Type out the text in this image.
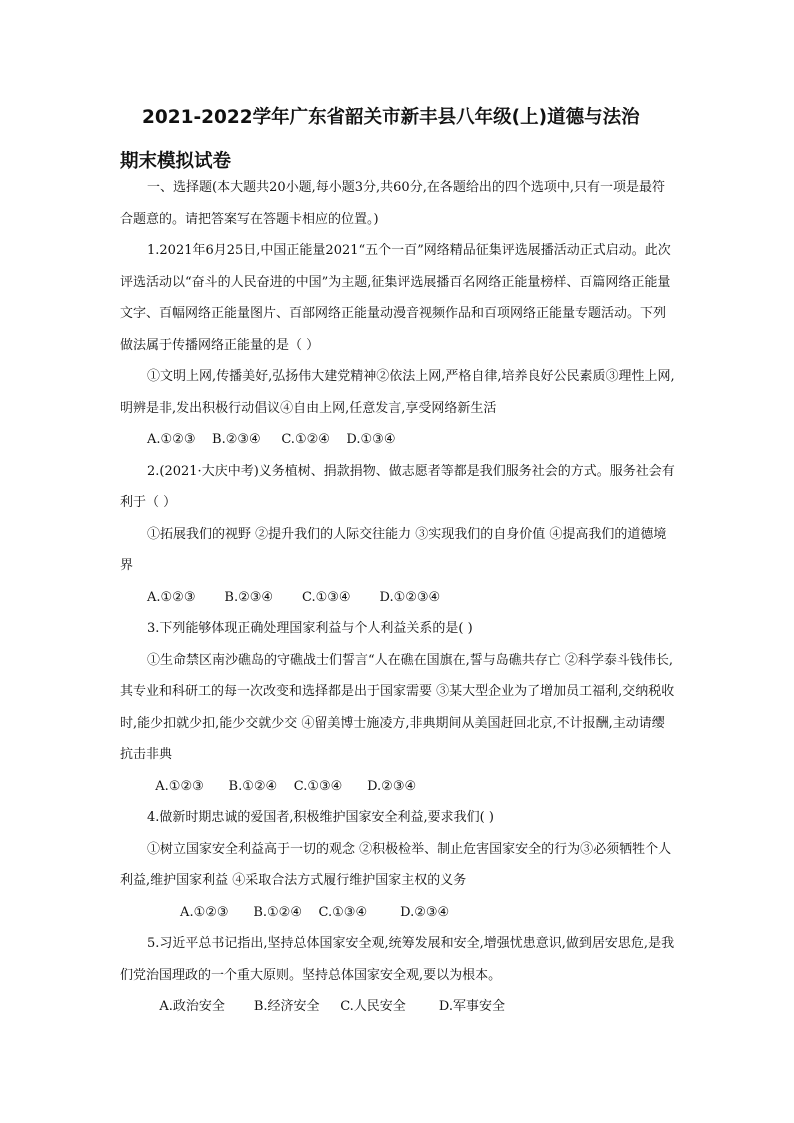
2021-2022学年广东省韶关市新丰县八年级(上)道德与法治
期末模拟试卷

一、选择题(本大题共20小题,每小题3分,共60分,在各题给出的四个选项中,只有一项是最符合题意的。请把答案写在答题卡相应的位置。)

1.2021年6月25日,中国正能量2021“五个一百”网络精品征集评选展播活动正式启动。此次评选活动以“奋斗的人民奋进的中国”为主题,征集评选展播百名网络正能量榜样、百篇网络正能量文字、百幅网络正能量图片、百部网络正能量动漫音视频作品和百项网络正能量专题活动。下列做法属于传播网络正能量的是（ ）

①文明上网,传播美好,弘扬伟大建党精神②依法上网,严格自律,培养良好公民素质③理性上网,明辨是非,发出积极行动倡议④自由上网,任意发言,享受网络新生活

A.①②③    B.②③④     C.①②④    D.①③④

2.(2021·大庆中考)义务植树、捐款捐物、做志愿者等都是我们服务社会的方式。服务社会有利于（ ）

①拓展我们的视野 ②提升我们的人际交往能力 ③实现我们的自身价值 ④提高我们的道德境界

A.①②③       B.②③④       C.①③④       D.①②③④

3.下列能够体现正确处理国家利益与个人利益关系的是( )

①生命禁区南沙礁岛的守礁战士们誓言“人在礁在国旗在,誓与岛礁共存亡 ②科学泰斗钱伟长,其专业和科研工的每一次改变和选择都是出于国家需要 ③某大型企业为了增加员工福利,交纳税收时,能少扣就少扣,能少交就少交 ④留美博士施凌方,非典期间从美国赶回北京,不计报酬,主动请缨抗击非典

A.①②③      B.①②④    C.①③④      D.②③④

4.做新时期忠诚的爱国者,积极维护国家安全利益,要求我们( )

①树立国家安全利益高于一切的观念 ②积极检举、制止危害国家安全的行为③必须牺牲个人利益,维护国家利益 ④采取合法方式履行维护国家主权的义务

A.①②③      B.①②④    C.①③④        D.②③④

5.习近平总书记指出,坚持总体国家安全观,统筹发展和安全,增强忧患意识,做到居安思危,是我们党治国理政的一个重大原则。坚持总体国家安全观,要以为根本。

A.政治安全       B.经济安全     C.人民安全        D.军事安全
